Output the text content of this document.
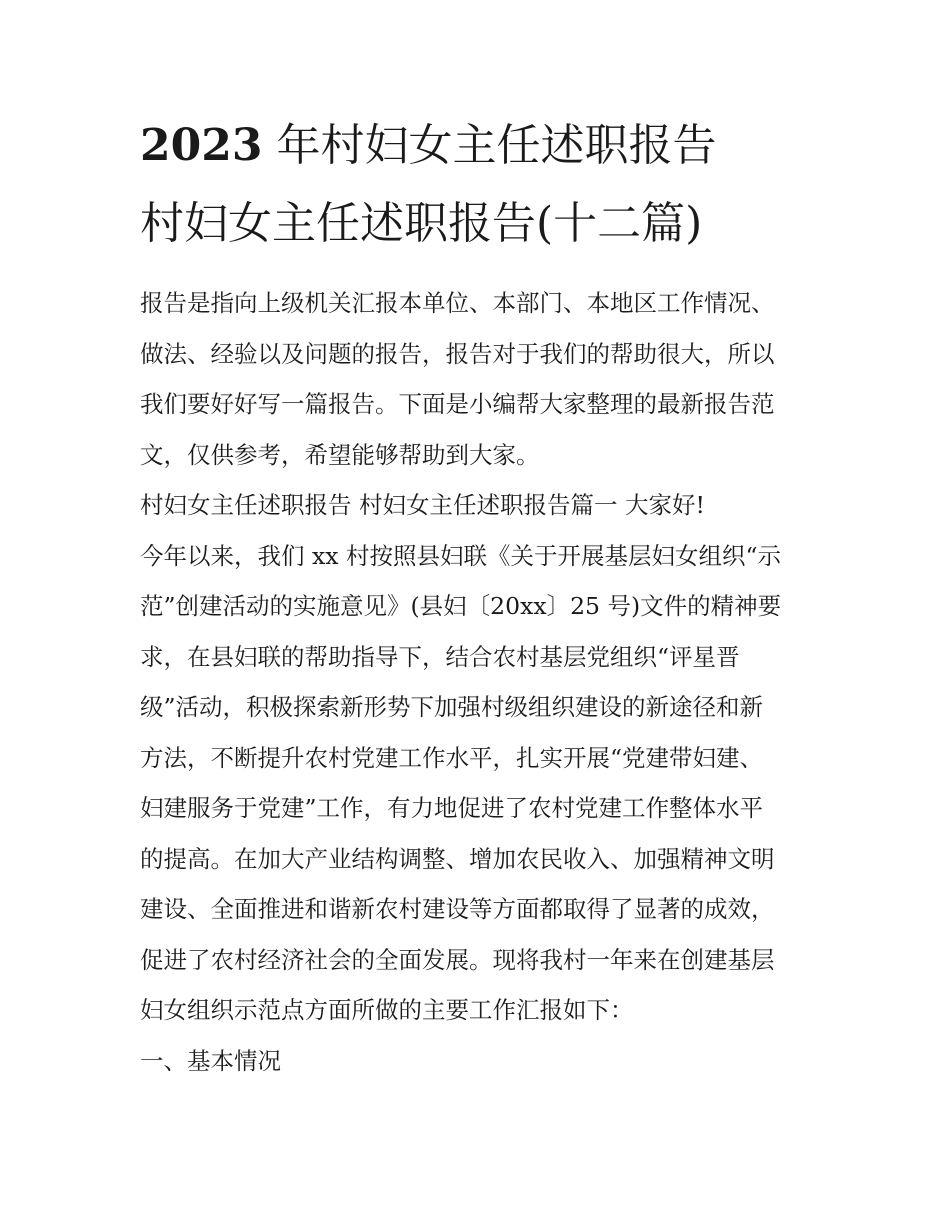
2023 年村妇女主任述职报告
村妇女主任述职报告(十二篇)
报告是指向上级机关汇报本单位、本部门、本地区工作情况、
做法、经验以及问题的报告，报告对于我们的帮助很大，所以
我们要好好写一篇报告。下面是小编帮大家整理的最新报告范
文，仅供参考，希望能够帮助到大家。
村妇女主任述职报告 村妇女主任述职报告篇一 大家好!
今年以来，我们 xx 村按照县妇联《关于开展基层妇女组织“示
范”创建活动的实施意见》(县妇〔20xx〕25 号)文件的精神要
求，在县妇联的帮助指导下，结合农村基层党组织“评星晋
级”活动，积极探索新形势下加强村级组织建设的新途径和新
方法，不断提升农村党建工作水平，扎实开展“党建带妇建、
妇建服务于党建”工作，有力地促进了农村党建工作整体水平
的提高。在加大产业结构调整、增加农民收入、加强精神文明
建设、全面推进和谐新农村建设等方面都取得了显著的成效，
促进了农村经济社会的全面发展。现将我村一年来在创建基层
妇女组织示范点方面所做的主要工作汇报如下：
一、基本情况
